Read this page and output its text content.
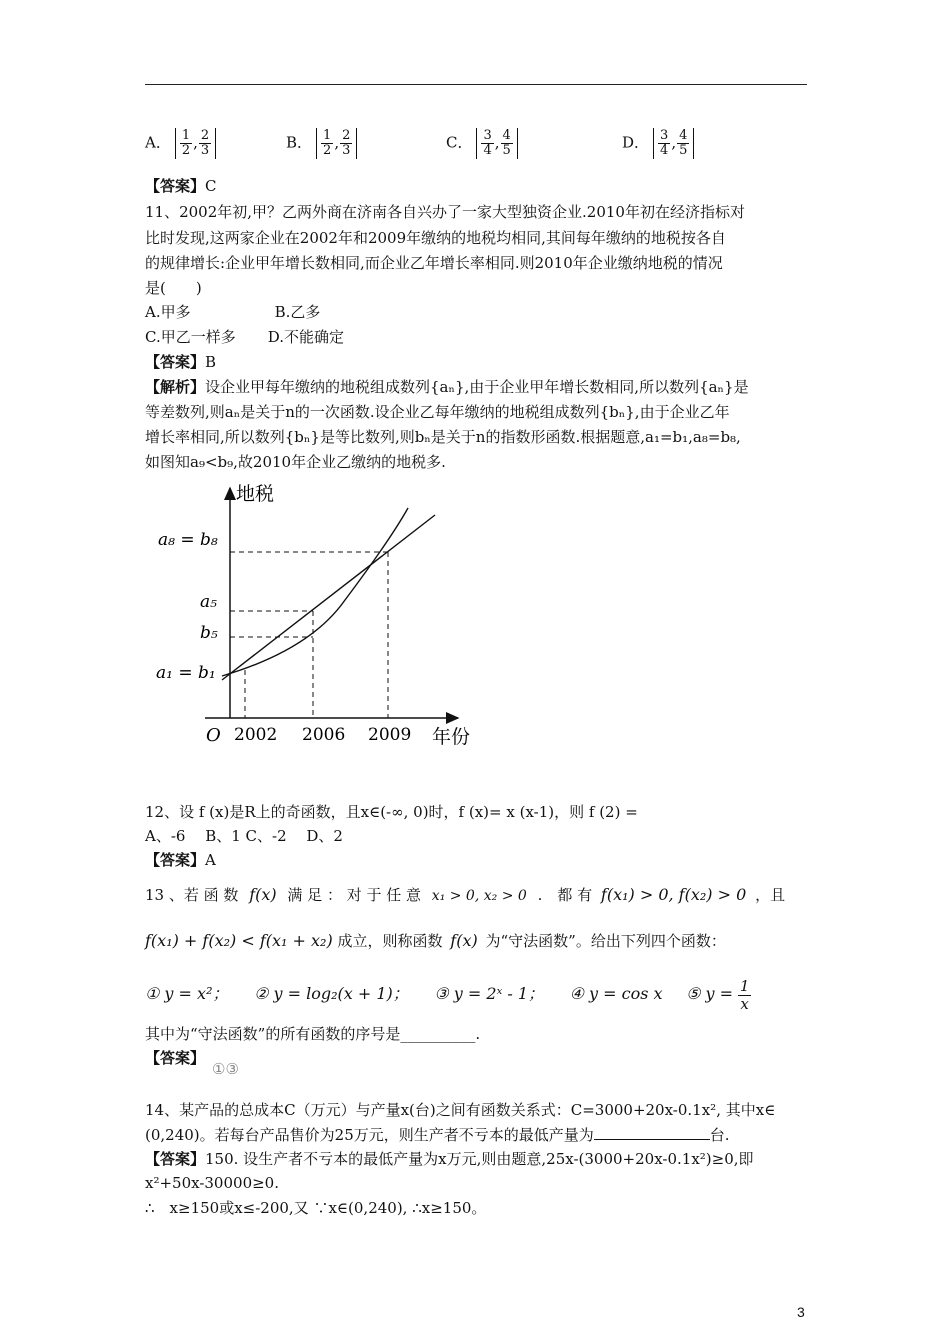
A． $\frac{1}{2}$ , $\frac{2}{3}$	B． $\frac{1}{2}$ , $\frac{2}{3}$	C． $\frac{3}{4}$ , $\frac{4}{5}$	D． $\frac{3}{4}$ , $\frac{4}{5}$
【答案】C
11、2002年初,甲？乙两外商在济南各自兴办了一家大型独资企业.2010年初在经济指标对
比时发现,这两家企业在2002年和2009年缴纳的地税均相同,其间每年缴纳的地税按各自
的规律增长:企业甲年增长数相同,而企业乙年增长率相同.则2010年企业缴纳地税的情况
是(　　)
A.甲多	B.乙多
C.甲乙一样多 D.不能确定
【答案】B
【解析】设企业甲每年缴纳的地税组成数列{aₙ},由于企业甲年增长数相同,所以数列{aₙ}是
等差数列,则aₙ是关于n的一次函数.设企业乙每年缴纳的地税组成数列{bₙ},由于企业乙年
增长率相同,所以数列{bₙ}是等比数列,则bₙ是关于n的指数形函数.根据题意,a₁=b₁,a₈=b₈,
如图知a₉<b₉,故2010年企业乙缴纳的地税多.
地税
年份
O 2002 2006 2009
a₈ = b₈
a₅
b₅
a₁ = b₁
12、设 f (x)是R上的奇函数，且x∈(-∞, 0)时，f (x)= x (x-1)，则 f (2) =
A、-6　 B、1 C、-2　 D、2
【答案】A
13 、若 函 数 f(x) 满 足 ： 对 于 任 意 x₁ > 0, x₂ > 0 .　都 有 f(x₁) > 0, f(x₂) > 0 ，且
f(x₁) + f(x₂) < f(x₁ + x₂) 成立，则称函数 f(x) 为“守法函数”。给出下列四个函数：
① y = x²； ② y = log₂(x + 1)； ③ y = 2ˣ - 1； ④ y = cos x ⑤ $y = \frac{1}{x}$
其中为“守法函数”的所有函数的序号是__________.
【答案】
①③
14、某产品的总成本C（万元）与产量x(台)之间有函数关系式：C=3000+20x-0.1x², 其中x∈
(0,240)。若每台产品售价为25万元，则生产者不亏本的最低产量为	台.
【答案】150. 设生产者不亏本的最低产量为x万元,则由题意,25x-(3000+20x-0.1x²)≥0,即
x²+50x-30000≥0.
∴　x≥150或x≤-200,又 ∵x∈(0,240), ∴x≥150。
3
